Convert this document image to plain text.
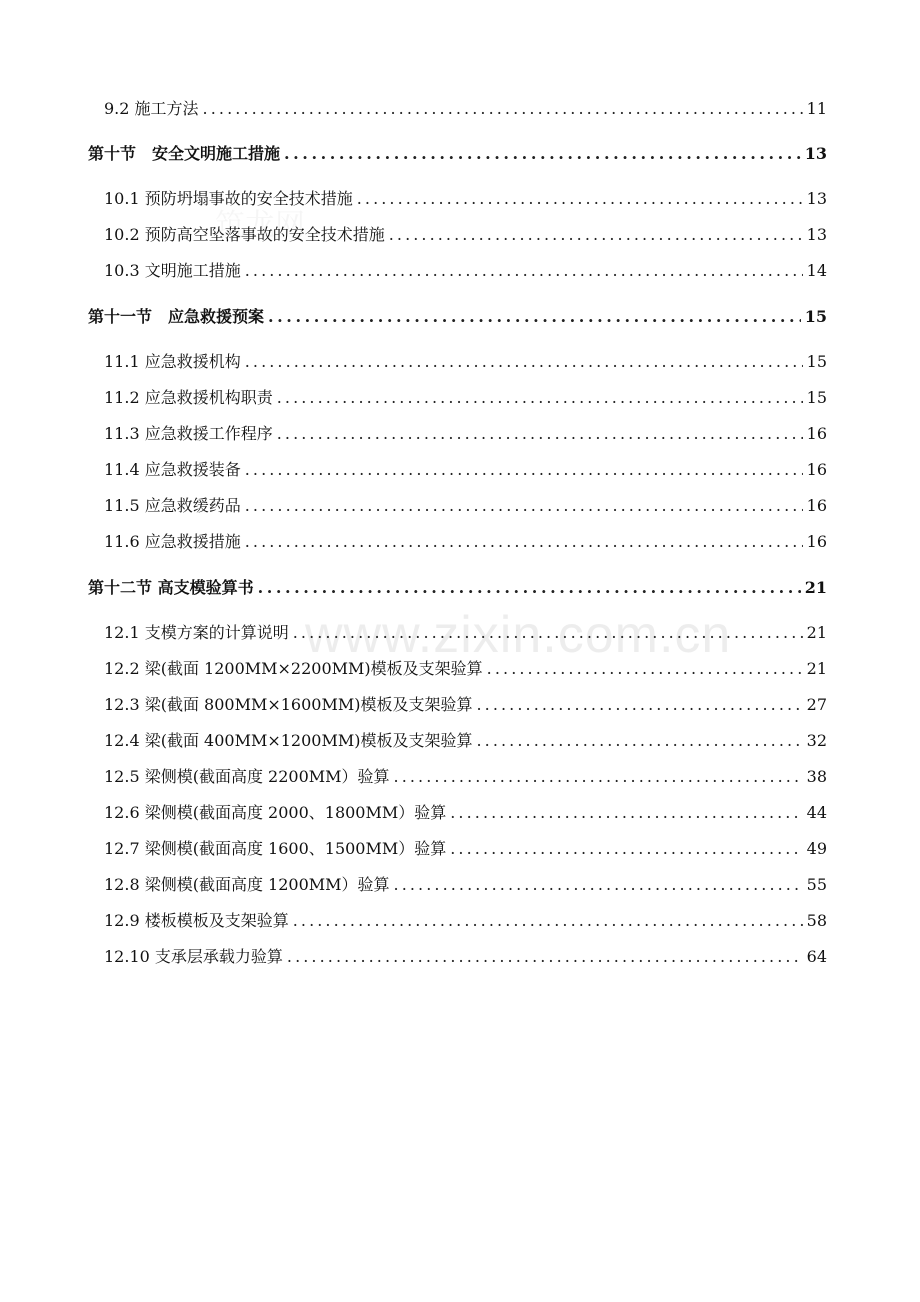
www.zixin.com.cn
9.2 施工方法 . . .	11
第十节　安全文明施工措施 . . .	13
10.1 预防坍塌事故的安全技术措施 . . .	13
10.2 预防高空坠落事故的安全技术措施 . . .	13
10.3 文明施工措施 . . .	14
第十一节　应急救援预案 . . .	15
11.1 应急救援机构 . . .	15
11.2 应急救援机构职责 . . .	15
11.3 应急救援工作程序 . . .	16
11.4 应急救援装备 . . .	16
11.5 应急救缓药品 . . .	16
11.6 应急救援措施 . . .	16
第十二节 高支模验算书 . . .	21
12.1 支模方案的计算说明 . . .	21
12.2 梁(截面 1200MM×2200MM)模板及支架验算 . . .	21
12.3 梁(截面 800MM×1600MM)模板及支架验算 . . .	27
12.4 梁(截面 400MM×1200MM)模板及支架验算 . . .	32
12.5 梁侧模(截面高度 2200MM）验算 . . .	38
12.6 梁侧模(截面高度 2000、1800MM）验算 . . .	44
12.7 梁侧模(截面高度 1600、1500MM）验算 . . .	49
12.8 梁侧模(截面高度 1200MM）验算 . . .	55
12.9 楼板模板及支架验算 . . .	58
12.10 支承层承载力验算 . . .	64
